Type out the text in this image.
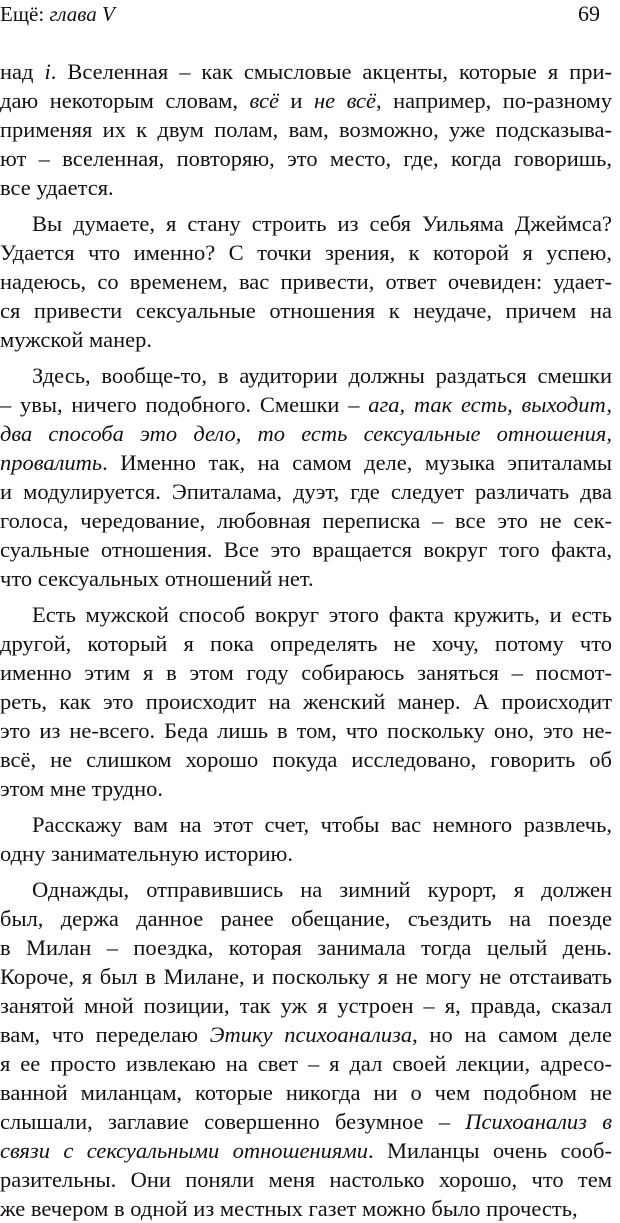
Ещё: глава V	69
над i. Вселенная – как смысловые акценты, которые я при-
даю некоторым словам, всё и не всё, например, по-разному
применяя их к двум полам, вам, возможно, уже подсказыва-
ют – вселенная, повторяю, это место, где, когда говоришь,
все удается.
Вы думаете, я стану строить из себя Уильяма Джеймса?
Удается что именно? С точки зрения, к которой я успею,
надеюсь, со временем, вас привести, ответ очевиден: удает-
ся привести сексуальные отношения к неудаче, причем на
мужской манер.
Здесь, вообще-то, в аудитории должны раздаться смешки
– увы, ничего подобного. Смешки – ага, так есть, выходит,
два способа это дело, то есть сексуальные отношения,
провалить. Именно так, на самом деле, музыка эпиталамы
и модулируется. Эпиталама, дуэт, где следует различать два
голоса, чередование, любовная переписка – все это не сек-
суальные отношения. Все это вращается вокруг того факта,
что сексуальных отношений нет.
Есть мужской способ вокруг этого факта кружить, и есть
другой, который я пока определять не хочу, потому что
именно этим я в этом году собираюсь заняться – посмот-
реть, как это происходит на женский манер. А происходит
это из не-всего. Беда лишь в том, что поскольку оно, это не-
всё, не слишком хорошо покуда исследовано, говорить об
этом мне трудно.
Расскажу вам на этот счет, чтобы вас немного развлечь,
одну занимательную историю.
Однажды, отправившись на зимний курорт, я должен
был, держа данное ранее обещание, съездить на поезде
в Милан – поездка, которая занимала тогда целый день.
Короче, я был в Милане, и поскольку я не могу не отстаивать
занятой мной позиции, так уж я устроен – я, правда, сказал
вам, что переделаю Этику психоанализа, но на самом деле
я ее просто извлекаю на свет – я дал своей лекции, адресо-
ванной миланцам, которые никогда ни о чем подобном не
слышали, заглавие совершенно безумное – Психоанализ в
связи с сексуальными отношениями. Миланцы очень сооб-
разительны. Они поняли меня настолько хорошо, что тем
же вечером в одной из местных газет можно было прочесть,
